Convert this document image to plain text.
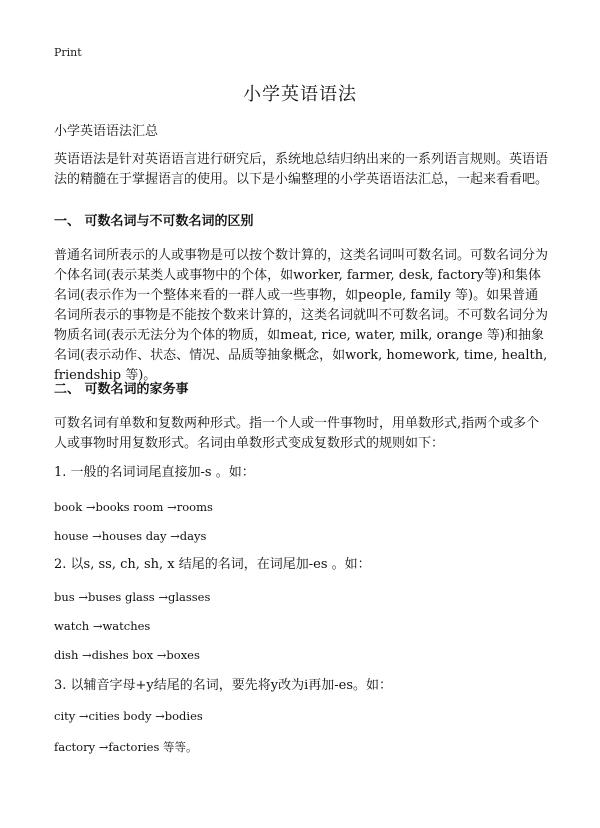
Print
小学英语语法

小学英语语法汇总

英语语法是针对英语语言进行研究后，系统地总结归纳出来的一系列语言规则。英语语法的精髓在于掌握语言的使用。以下是小编整理的小学英语语法汇总，一起来看看吧。

一、 可数名词与不可数名词的区别

普通名词所表示的人或事物是可以按个数计算的，这类名词叫可数名词。可数名词分为个体名词(表示某类人或事物中的个体，如worker, farmer, desk, factory等)和集体名词(表示作为一个整体来看的一群人或一些事物，如people, family 等)。如果普通名词所表示的事物是不能按个数来计算的，这类名词就叫不可数名词。不可数名词分为物质名词(表示无法分为个体的物质，如meat, rice, water, milk, orange 等)和抽象名词(表示动作、状态、情况、品质等抽象概念，如work, homework, time, health, friendship 等)。

二、 可数名词的家务事

可数名词有单数和复数两种形式。指一个人或一件事物时，用单数形式,指两个或多个人或事物时用复数形式。名词由单数形式变成复数形式的规则如下：

1. 一般的名词词尾直接加-s 。如：

book →books room →rooms

house →houses day →days

2. 以s, ss, ch, sh, x 结尾的名词，在词尾加-es 。如：

bus →buses glass →glasses

watch →watches

dish →dishes box →boxes

3. 以辅音字母+y结尾的名词，要先将y改为i再加-es。如：

city →cities body →bodies

factory →factories 等等。
